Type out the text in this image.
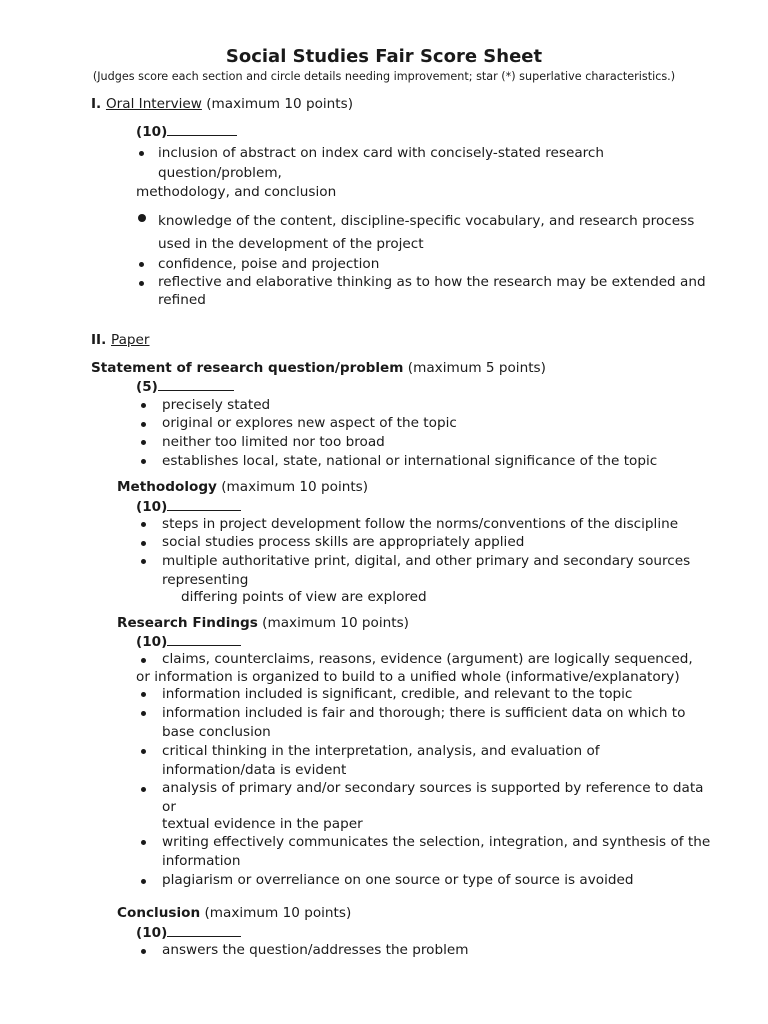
Social Studies Fair Score Sheet
(Judges score each section and circle details needing improvement; star (*) superlative characteristics.)
I. Oral Interview (maximum 10 points)
(10)
inclusion of abstract on index card with concisely-stated research
question/problem,
methodology, and conclusion
knowledge of the content, discipline-specific vocabulary, and research process
used in the development of the project
confidence, poise and projection
reflective and elaborative thinking as to how the research may be extended and
refined
II. Paper
Statement of research question/problem (maximum 5 points)
(5)
precisely stated
original or explores new aspect of the topic
neither too limited nor too broad
establishes local, state, national or international significance of the topic
Methodology (maximum 10 points)
(10)
steps in project development follow the norms/conventions of the discipline
social studies process skills are appropriately applied
multiple authoritative print, digital, and other primary and secondary sources
representing
differing points of view are explored
Research Findings (maximum 10 points)
(10)
claims, counterclaims, reasons, evidence (argument) are logically sequenced,
or information is organized to build to a unified whole (informative/explanatory)
information included is significant, credible, and relevant to the topic
information included is fair and thorough; there is sufficient data on which to
base conclusion
critical thinking in the interpretation, analysis, and evaluation of
information/data is evident
analysis of primary and/or secondary sources is supported by reference to data
or
textual evidence in the paper
writing effectively communicates the selection, integration, and synthesis of the
information
plagiarism or overreliance on one source or type of source is avoided
Conclusion (maximum 10 points)
(10)
answers the question/addresses the problem
